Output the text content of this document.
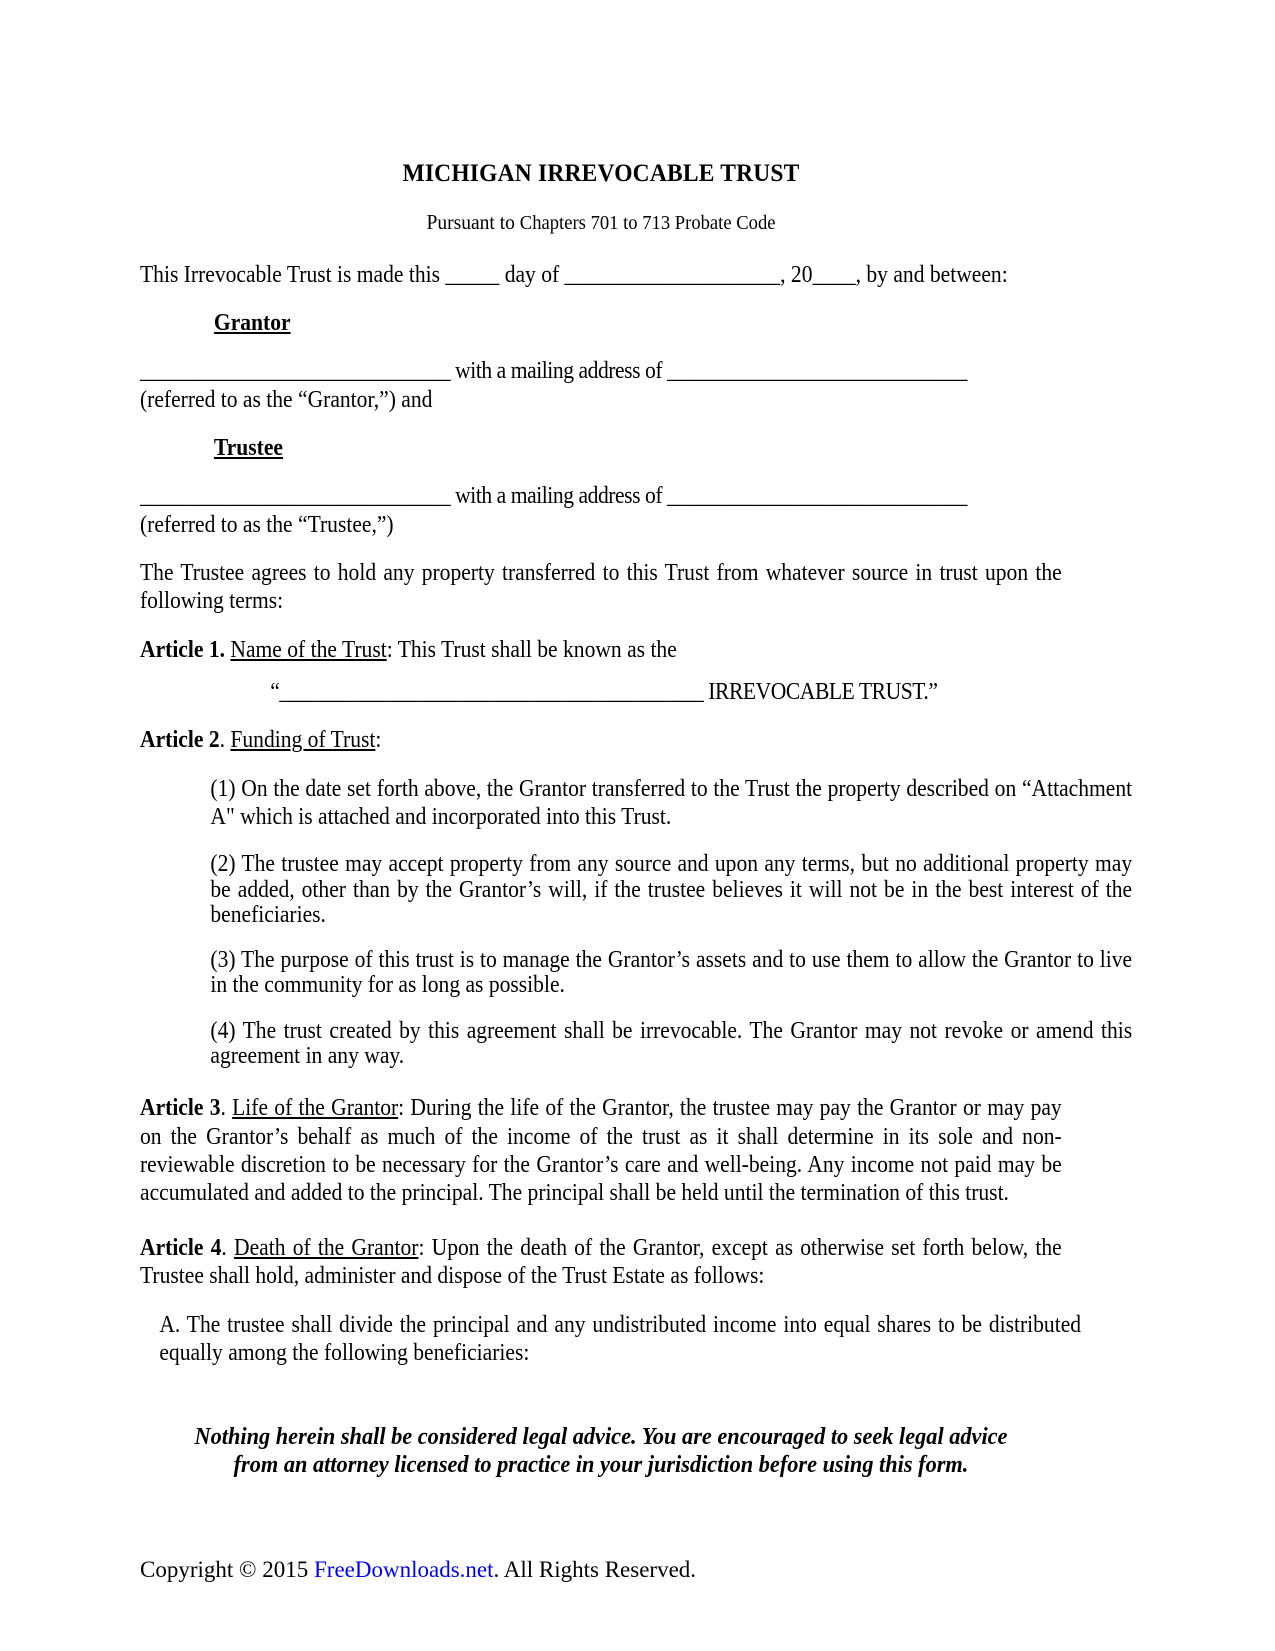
MICHIGAN IRREVOCABLE TRUST

Pursuant to Chapters 701 to 713 Probate Code

This Irrevocable Trust is made this _____ day of ____________________, 20____, by and between:

Grantor

______________________________ with a mailing address of _____________________________

(referred to as the “Grantor,”) and

Trustee

______________________________ with a mailing address of _____________________________

(referred to as the “Trustee,”)

The Trustee agrees to hold any property transferred to this Trust from whatever source in trust upon the following terms:

Article 1. Name of the Trust: This Trust shall be known as the

“_________________________________________ IRREVOCABLE TRUST.”

Article 2. Funding of Trust:

(1) On the date set forth above, the Grantor transferred to the Trust the property described on “Attachment A" which is attached and incorporated into this Trust.

(2) The trustee may accept property from any source and upon any terms, but no additional property may be added, other than by the Grantor’s will, if the trustee believes it will not be in the best interest of the beneficiaries.

(3) The purpose of this trust is to manage the Grantor’s assets and to use them to allow the Grantor to live in the community for as long as possible.

(4) The trust created by this agreement shall be irrevocable. The Grantor may not revoke or amend this agreement in any way.

Article 3. Life of the Grantor: During the life of the Grantor, the trustee may pay the Grantor or may pay on the Grantor’s behalf as much of the income of the trust as it shall determine in its sole and non-reviewable discretion to be necessary for the Grantor’s care and well-being. Any income not paid may be accumulated and added to the principal. The principal shall be held until the termination of this trust.

Article 4. Death of the Grantor: Upon the death of the Grantor, except as otherwise set forth below, the Trustee shall hold, administer and dispose of the Trust Estate as follows:

A. The trustee shall divide the principal and any undistributed income into equal shares to be distributed equally among the following beneficiaries:

Nothing herein shall be considered legal advice. You are encouraged to seek legal advice

from an attorney licensed to practice in your jurisdiction before using this form.

Copyright © 2015 FreeDownloads.net. All Rights Reserved.
